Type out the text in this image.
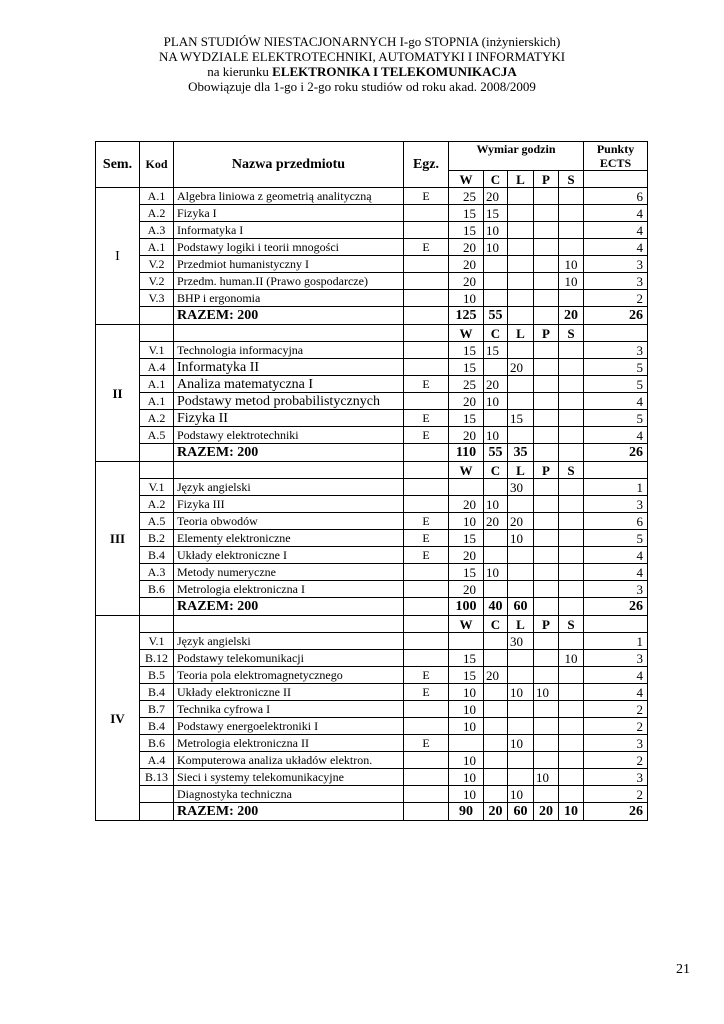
PLAN STUDIÓW NIESTACJONARNYCH I-go STOPNIA (inżynierskich)
NA WYDZIALE ELEKTROTECHNIKI, AUTOMATYKI I INFORMATYKI
na kierunku ELEKTRONIKA I TELEKOMUNIKACJA
Obowiązuje dla 1-go i 2-go roku studiów od roku akad. 2008/2009
Sem.	Kod	Nazwa przedmiotu	Egz.	Wymiar godzin					Punkty
ECTS

				W	C	L	P	S	
I	A.1	Algebra liniowa z geometrią analityczną	E	25	20				6
	A.2	Fizyka I		15	15				4
	A.3	Informatyka I		15	10				4
	A.1	Podstawy logiki i teorii mnogości	E	20	10				4
	V.2	Przedmiot humanistyczny I		20				10	3
	V.2	Przedm. human.II (Prawo gospodarcze)		20				10	3
	V.3	BHP i ergonomia		10					2
		RAZEM: 200		125	55			20	26
II				W	C	L	P	S	
	V.1	Technologia informacyjna		15	15				3
	A.4	Informatyka II		15		20			5
	A.1	Analiza matematyczna I	E	25	20				5
	A.1	Podstawy metod probabilistycznych		20	10				4
	A.2	Fizyka II	E	15		15			5
	A.5	Podstawy elektrotechniki	E	20	10				4
		RAZEM: 200		110	55	35			26
III				W	C	L	P	S	
	V.1	Język angielski				30			1
	A.2	Fizyka III		20	10				3
	A.5	Teoria obwodów	E	10	20	20			6
	B.2	Elementy elektroniczne	E	15		10			5
	B.4	Układy elektroniczne I	E	20					4
	A.3	Metody numeryczne		15	10				4
	B.6	Metrologia elektroniczna I		20					3
		RAZEM: 200		100	40	60			26
IV				W	C	L	P	S	
	V.1	Język angielski				30			1
	B.12	Podstawy telekomunikacji		15				10	3
	B.5	Teoria pola elektromagnetycznego	E	15	20				4
	B.4	Układy elektroniczne II	E	10		10	10		4
	B.7	Technika cyfrowa I		10					2
	B.4	Podstawy energoelektroniki I		10					2
	B.6	Metrologia elektroniczna II	E			10			3
	A.4	Komputerowa analiza układów elektron.		10					2
	B.13	Sieci i systemy telekomunikacyjne		10			10		3
		Diagnostyka techniczna		10		10			2
		RAZEM: 200		90	20	60	20	10	26
21
